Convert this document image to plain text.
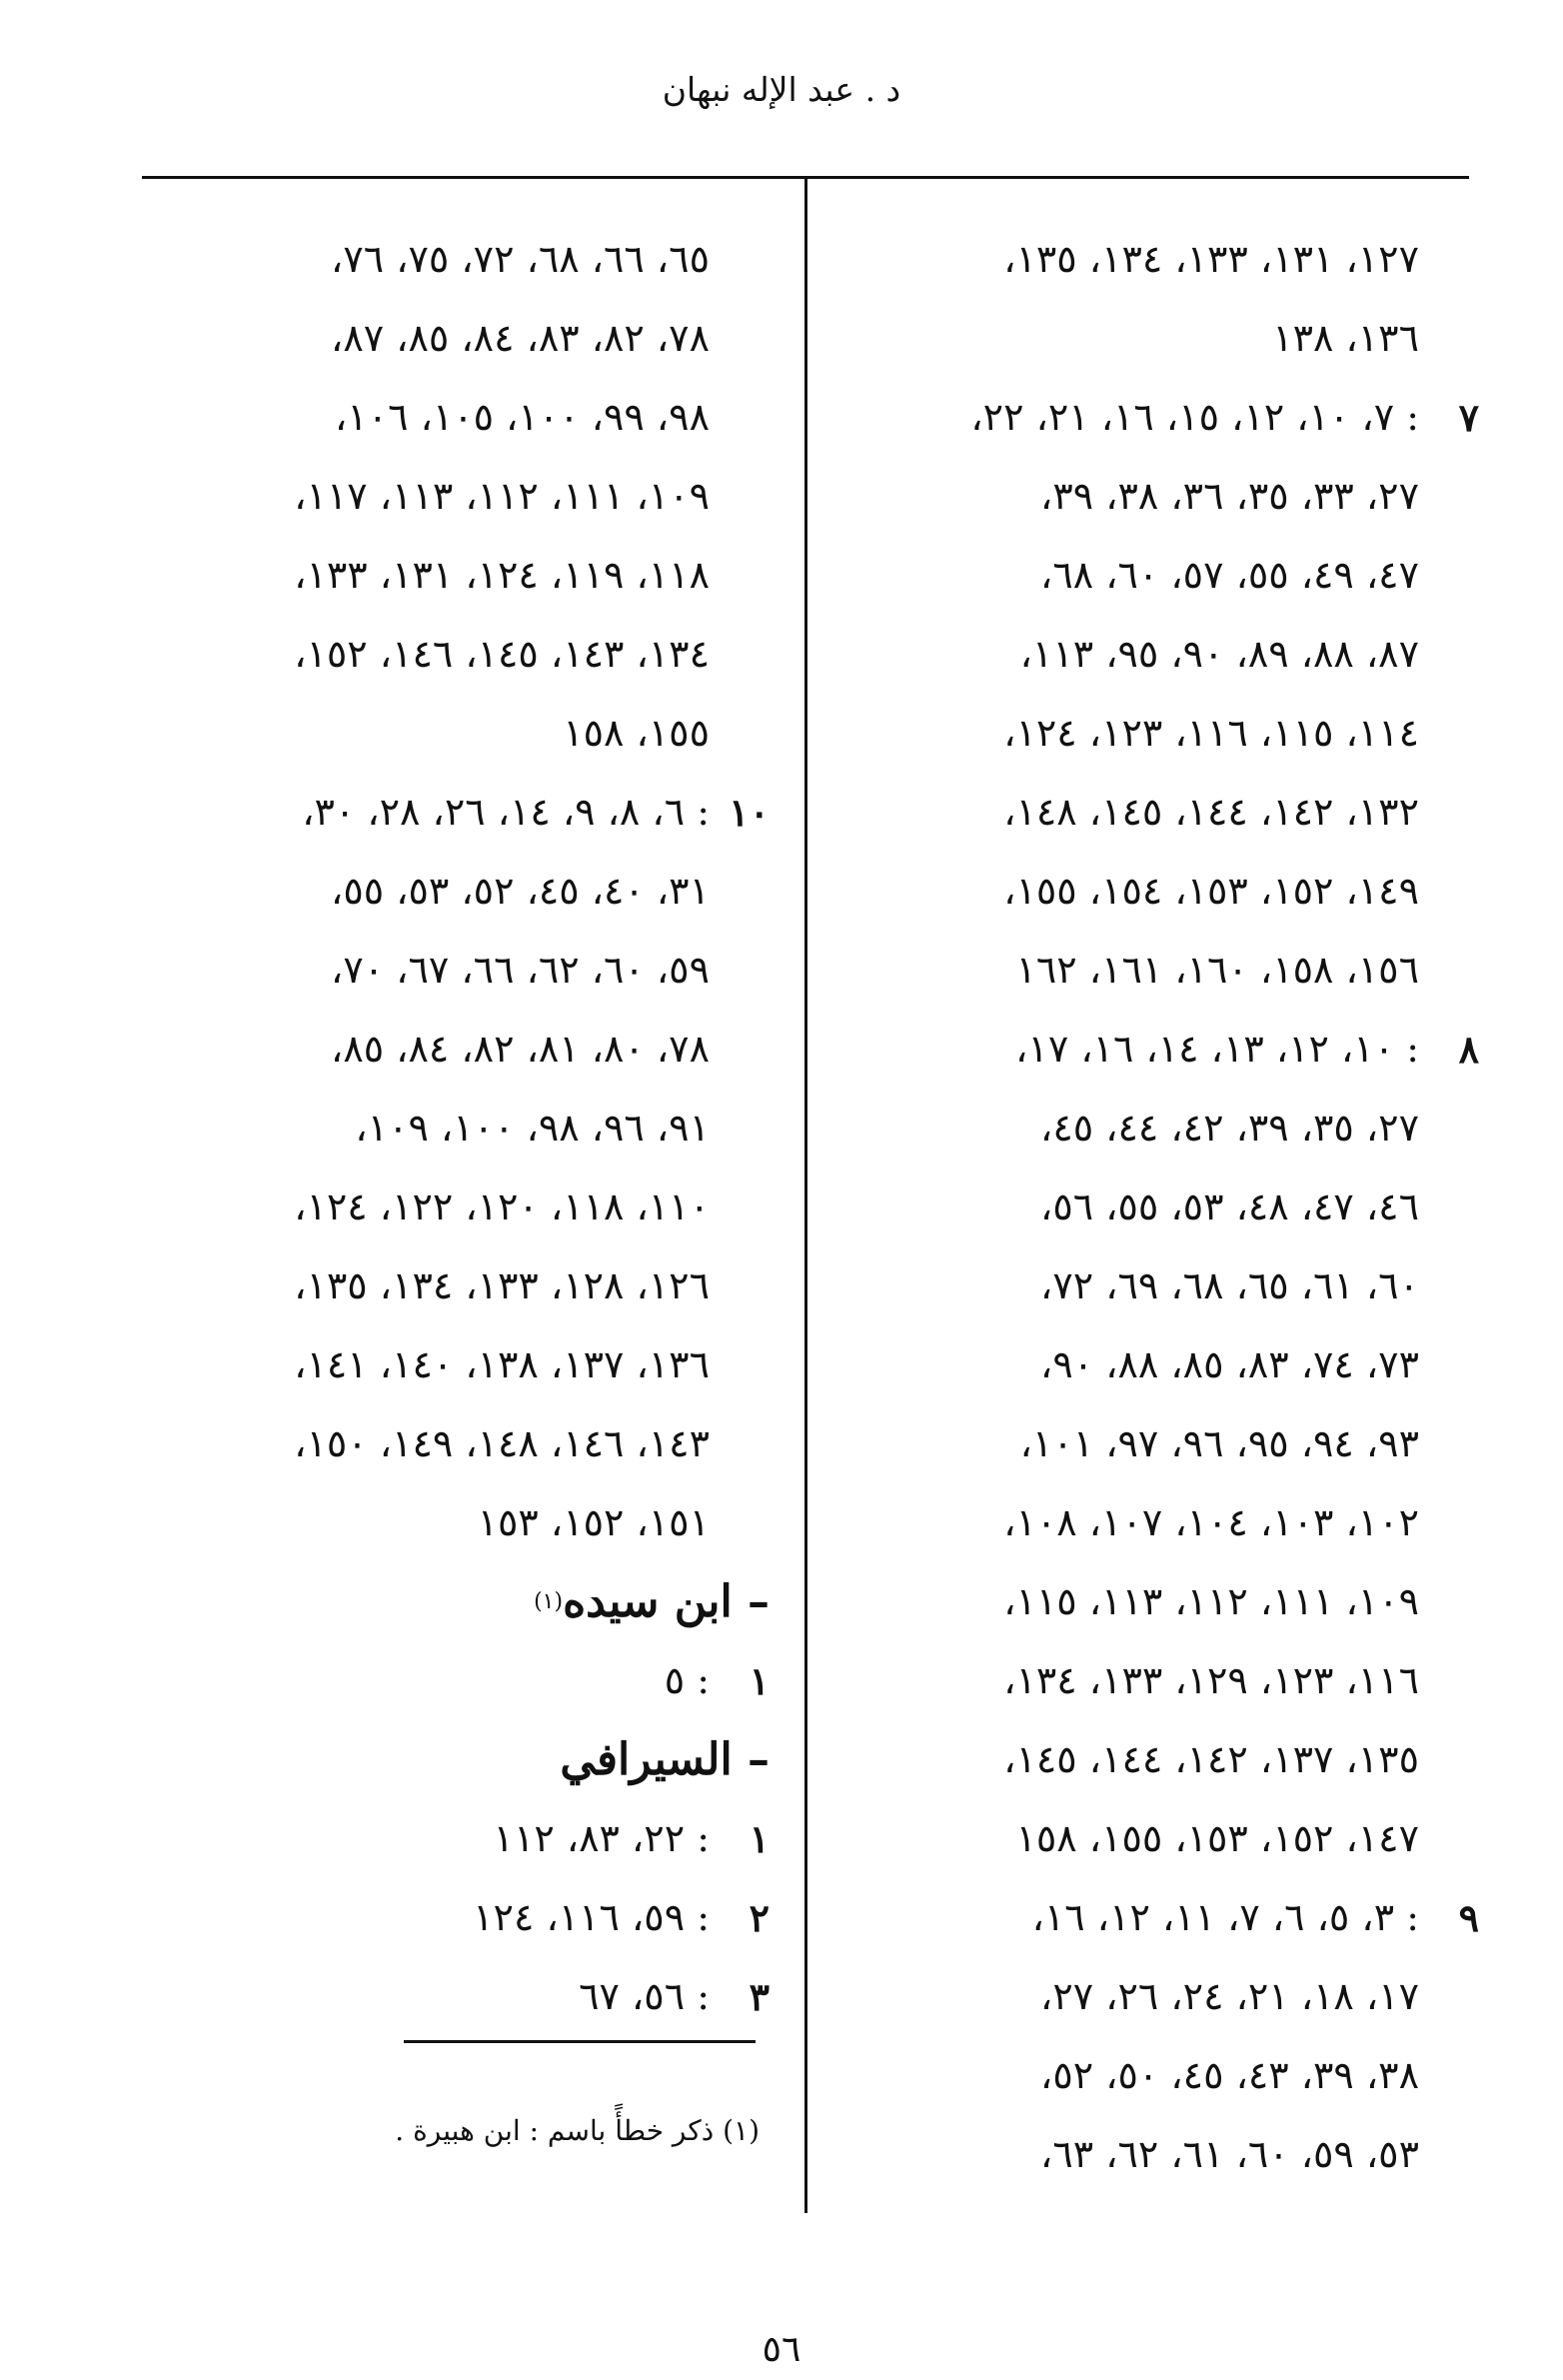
د . عبد الإله نبهان
١٢٧، ١٣١، ١٣٣، ١٣٤، ١٣٥،
١٣٦، ١٣٨
٧
: ٧، ١٠، ١٢، ١٥، ١٦، ٢١، ٢٢،
٢٧، ٣٣، ٣٥، ٣٦، ٣٨، ٣٩،
٤٧، ٤٩، ٥٥، ٥٧، ٦٠، ٦٨،
٨٧، ٨٨، ٨٩، ٩٠، ٩٥، ١١٣،
١١٤، ١١٥، ١١٦، ١٢٣، ١٢٤،
١٣٢، ١٤٢، ١٤٤، ١٤٥، ١٤٨،
١٤٩، ١٥٢، ١٥٣، ١٥٤، ١٥٥،
١٥٦، ١٥٨، ١٦٠، ١٦١، ١٦٢
٨
: ١٠، ١٢، ١٣، ١٤، ١٦، ١٧،
٢٧، ٣٥، ٣٩، ٤٢، ٤٤، ٤٥،
٤٦، ٤٧، ٤٨، ٥٣، ٥٥، ٥٦،
٦٠، ٦١، ٦٥، ٦٨، ٦٩، ٧٢،
٧٣، ٧٤، ٨٣، ٨٥، ٨٨، ٩٠،
٩٣، ٩٤، ٩٥، ٩٦، ٩٧، ١٠١،
١٠٢، ١٠٣، ١٠٤، ١٠٧، ١٠٨،
١٠٩، ١١١، ١١٢، ١١٣، ١١٥،
١١٦، ١٢٣، ١٢٩، ١٣٣، ١٣٤،
١٣٥، ١٣٧، ١٤٢، ١٤٤، ١٤٥،
١٤٧، ١٥٢، ١٥٣، ١٥٥، ١٥٨
٩
: ٣، ٥، ٦، ٧، ١١، ١٢، ١٦،
١٧، ١٨، ٢١، ٢٤، ٢٦، ٢٧،
٣٨، ٣٩، ٤٣، ٤٥، ٥٠، ٥٢،
٥٣، ٥٩، ٦٠، ٦١، ٦٢، ٦٣،
٦٥، ٦٦، ٦٨، ٧٢، ٧٥، ٧٦،
٧٨، ٨٢، ٨٣، ٨٤، ٨٥، ٨٧،
٩٨، ٩٩، ١٠٠، ١٠٥، ١٠٦،
١٠٩، ١١١، ١١٢، ١١٣، ١١٧،
١١٨، ١١٩، ١٢٤، ١٣١، ١٣٣،
١٣٤، ١٤٣، ١٤٥، ١٤٦، ١٥٢،
١٥٥، ١٥٨
١٠
: ٦، ٨، ٩، ١٤، ٢٦، ٢٨، ٣٠،
٣١، ٤٠، ٤٥، ٥٢، ٥٣، ٥٥،
٥٩، ٦٠، ٦٢، ٦٦، ٦٧، ٧٠،
٧٨، ٨٠، ٨١، ٨٢، ٨٤، ٨٥،
٩١، ٩٦، ٩٨، ١٠٠، ١٠٩،
١١٠، ١١٨، ١٢٠، ١٢٢، ١٢٤،
١٢٦، ١٢٨، ١٣٣، ١٣٤، ١٣٥،
١٣٦، ١٣٧، ١٣٨، ١٤٠، ١٤١،
١٤٣، ١٤٦، ١٤٨، ١٤٩، ١٥٠،
١٥١، ١٥٢، ١٥٣
– ابن سيده
(١)
١
: ٥
– السيرافي
١
: ٢٢، ٨٣، ١١٢
٢
: ٥٩، ١١٦، ١٢٤
٣
: ٥٦، ٦٧
(١) ذكر خطأً باسم : ابن هبيرة .
٥٦
